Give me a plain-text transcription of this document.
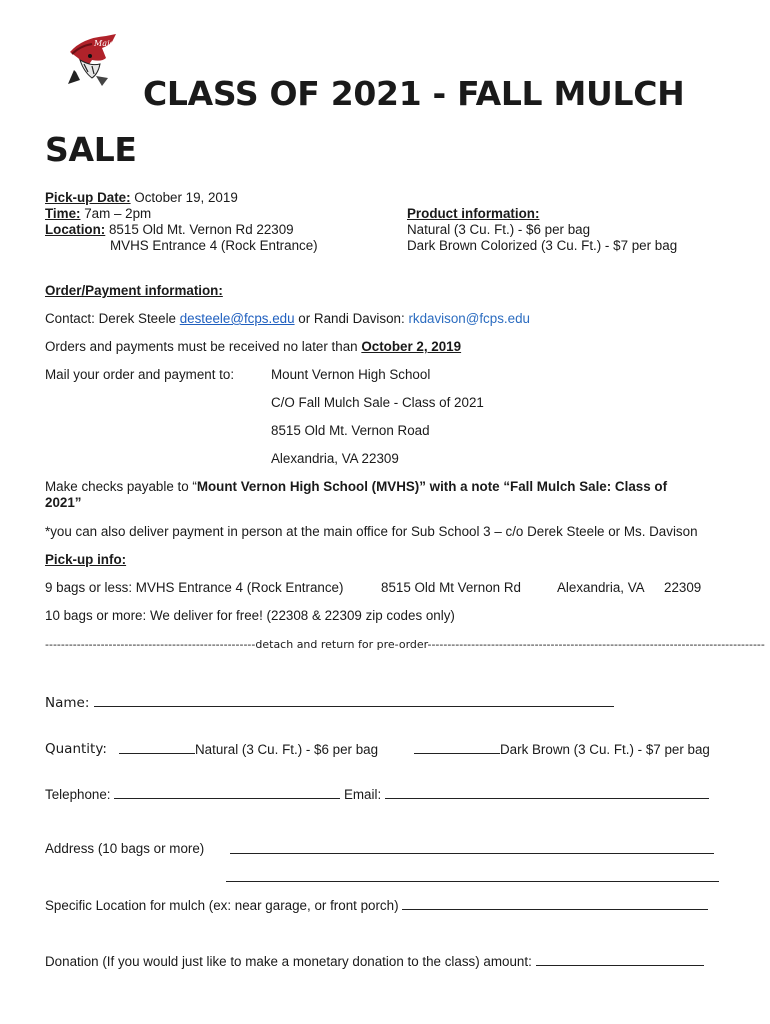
Major
CLASS OF 2021 - FALL MULCH
SALE
Pick-up Date: October 19, 2019
Time: 7am – 2pm
Location: 8515 Old Mt. Vernon Rd 22309
MVHS Entrance 4 (Rock Entrance)
Product information:
Natural (3 Cu. Ft.) - $6 per bag
Dark Brown Colorized (3 Cu. Ft.) - $7 per bag
Order/Payment information:
Contact: Derek Steele desteele@fcps.edu or Randi Davison: rkdavison@fcps.edu
Orders and payments must be received no later than October 2, 2019
Mail your order and payment to:	Mount Vernon High School
C/O Fall Mulch Sale - Class of 2021
8515 Old Mt. Vernon Road
Alexandria, VA 22309
Make checks payable to “Mount Vernon High School (MVHS)” with a note “Fall Mulch Sale: Class of
2021”
*you can also deliver payment in person at the main office for Sub School 3 – c/o Derek Steele or Ms. Davison
Pick-up info:
9 bags or less: MVHS Entrance 4 (Rock Entrance)	8515 Old Mt Vernon Rd	Alexandria, VA 22309
10 bags or more: We deliver for free! (22308 & 22309 zip codes only)
-----------------------------------------------------detach and return for pre-order-------------------------------------------------------------------------------------
Name:
Quantity:	Natural (3 Cu. Ft.) - $6 per bag	Dark Brown (3 Cu. Ft.) - $7 per bag
Telephone:	Email:
Address (10 bags or more)
Specific Location for mulch (ex: near garage, or front porch)
Donation (If you would just like to make a monetary donation to the class) amount:
